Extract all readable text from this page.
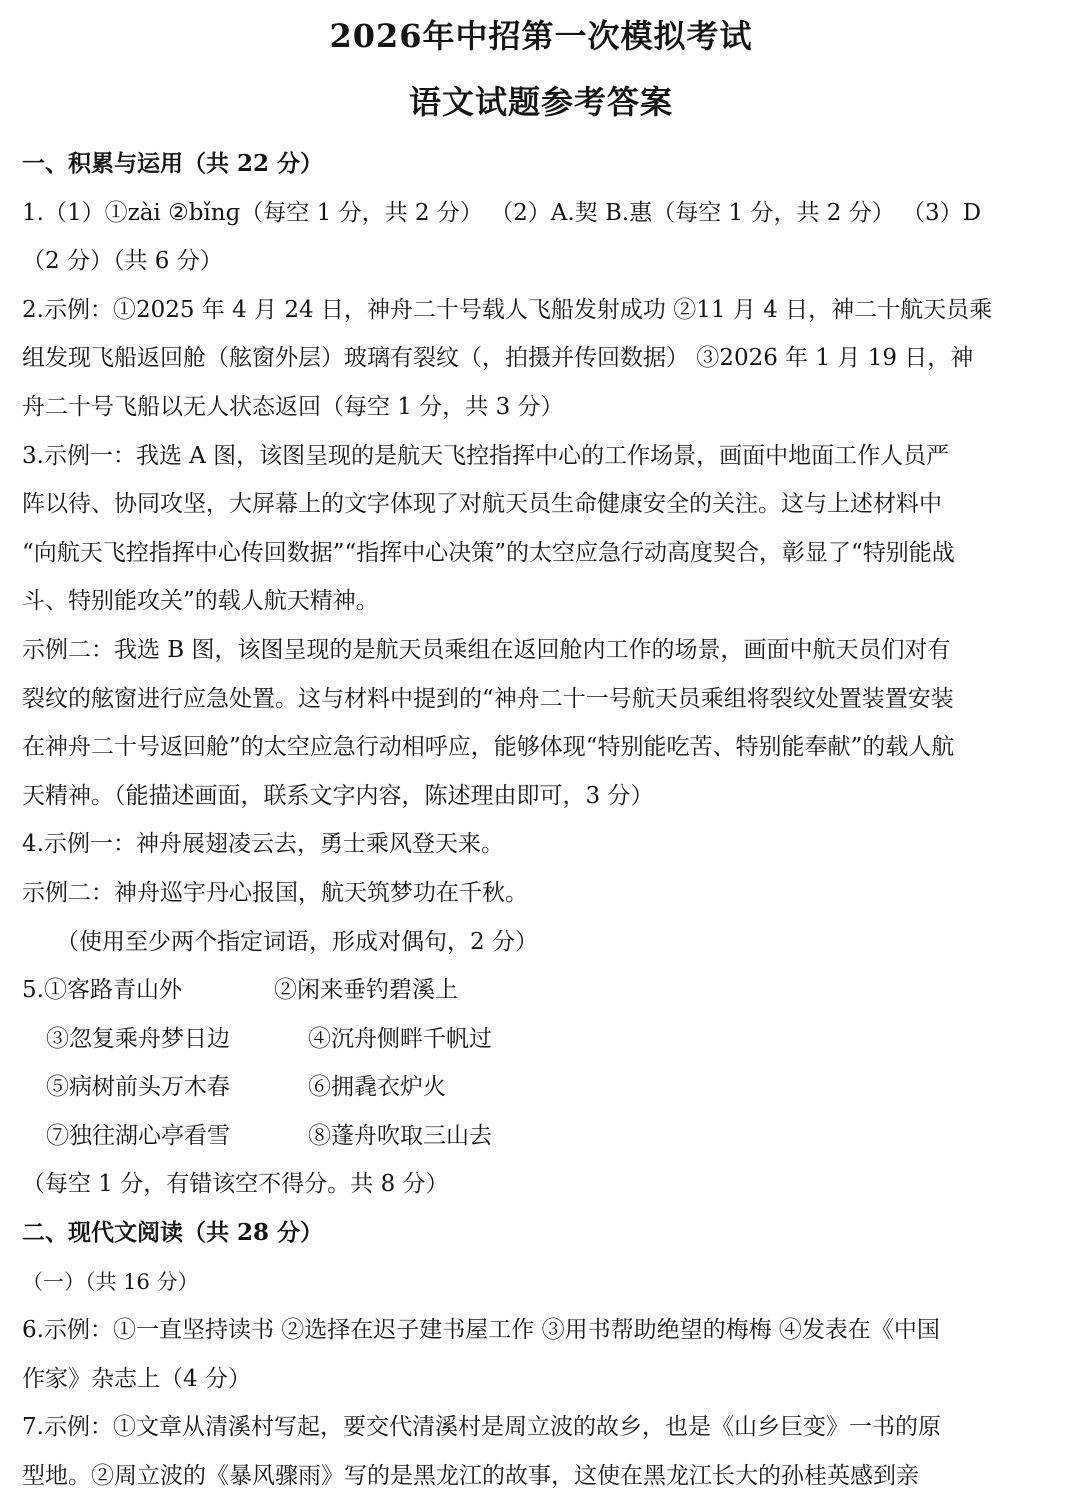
2026年中招第一次模拟考试
语文试题参考答案
一、积累与运用（共 22 分）
1.（1）①zài ②bǐnɡ（每空 1 分，共 2 分） （2）A.契 B.惠（每空 1 分，共 2 分） （3）D
（2 分）（共 6 分）
2.示例：①2025 年 4 月 24 日，神舟二十号载人飞船发射成功 ②11 月 4 日，神二十航天员乘
组发现飞船返回舱（舷窗外层）玻璃有裂纹（，拍摄并传回数据） ③2026 年 1 月 19 日，神
舟二十号飞船以无人状态返回（每空 1 分，共 3 分）
3.示例一：我选 A 图，该图呈现的是航天飞控指挥中心的工作场景，画面中地面工作人员严
阵以待、协同攻坚，大屏幕上的文字体现了对航天员生命健康安全的关注。这与上述材料中
“向航天飞控指挥中心传回数据”“指挥中心决策”的太空应急行动高度契合，彰显了“特别能战
斗、特别能攻关”的载人航天精神。
示例二：我选 B 图，该图呈现的是航天员乘组在返回舱内工作的场景，画面中航天员们对有
裂纹的舷窗进行应急处置。这与材料中提到的“神舟二十一号航天员乘组将裂纹处置装置安装
在神舟二十号返回舱”的太空应急行动相呼应，能够体现“特别能吃苦、特别能奉献”的载人航
天精神。（能描述画面，联系文字内容，陈述理由即可，3 分）
4.示例一：神舟展翅凌云去，勇士乘风登天来。
示例二：神舟巡宇丹心报国，航天筑梦功在千秋。
（使用至少两个指定词语，形成对偶句，2 分）
5.①客路青山外	②闲来垂钓碧溪上
③忽复乘舟梦日边	④沉舟侧畔千帆过
⑤病树前头万木春	⑥拥毳衣炉火
⑦独往湖心亭看雪	⑧蓬舟吹取三山去
（每空 1 分，有错该空不得分。共 8 分）
二、现代文阅读（共 28 分）
（一）（共 16 分）
6.示例：①一直坚持读书 ②选择在迟子建书屋工作 ③用书帮助绝望的梅梅 ④发表在《中国
作家》杂志上（4 分）
7.示例：①文章从清溪村写起，要交代清溪村是周立波的故乡，也是《山乡巨变》一书的原
型地。②周立波的《暴风骤雨》写的是黑龙江的故事，这使在黑龙江长大的孙桂英感到亲
